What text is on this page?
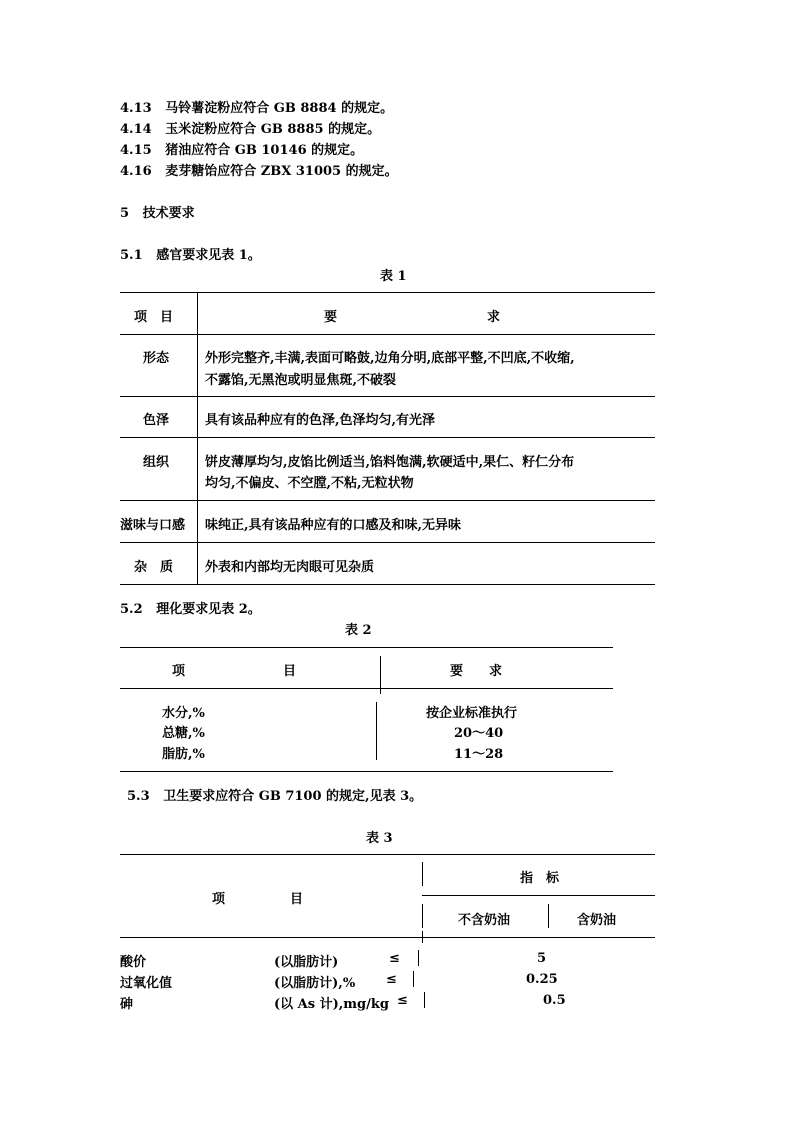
4.13 马铃薯淀粉应符合 GB 8884 的规定。
4.14 玉米淀粉应符合 GB 8885 的规定。
4.15 猪油应符合 GB 10146 的规定。
4.16 麦芽糖饴应符合 ZBX 31005 的规定。
5 技术要求
5.1 感官要求见表 1。
表 1
项　目	要	求
形态	外形完整齐,丰满,表面可略鼓,边角分明,底部平整,不凹底,不收缩,
不露馅,无黑泡或明显焦斑,不破裂
色泽	具有该品种应有的色泽,色泽均匀,有光泽
组织	饼皮薄厚均匀,皮馅比例适当,馅料饱满,软硬适中,果仁、籽仁分布
均匀,不偏皮、不空膛,不粘,无粒状物
滋味与口感 味纯正,具有该品种应有的口感及和味,无异味
杂　质 外表和内部均无肉眼可见杂质
5.2 理化要求见表 2。
表 2
项	目	要　　求
水分,%	按企业标准执行
总糖,%	20～40
脂肪,%	11～28
5.3 卫生要求应符合 GB 7100 的规定,见表 3。
表 3
指　标
项	目
不含奶油	含奶油
酸价	(以脂肪计)	≤	5
过氧化值	(以脂肪计),% ≤	0.25
砷	(以 As 计),mg/kg ≤	0.5
